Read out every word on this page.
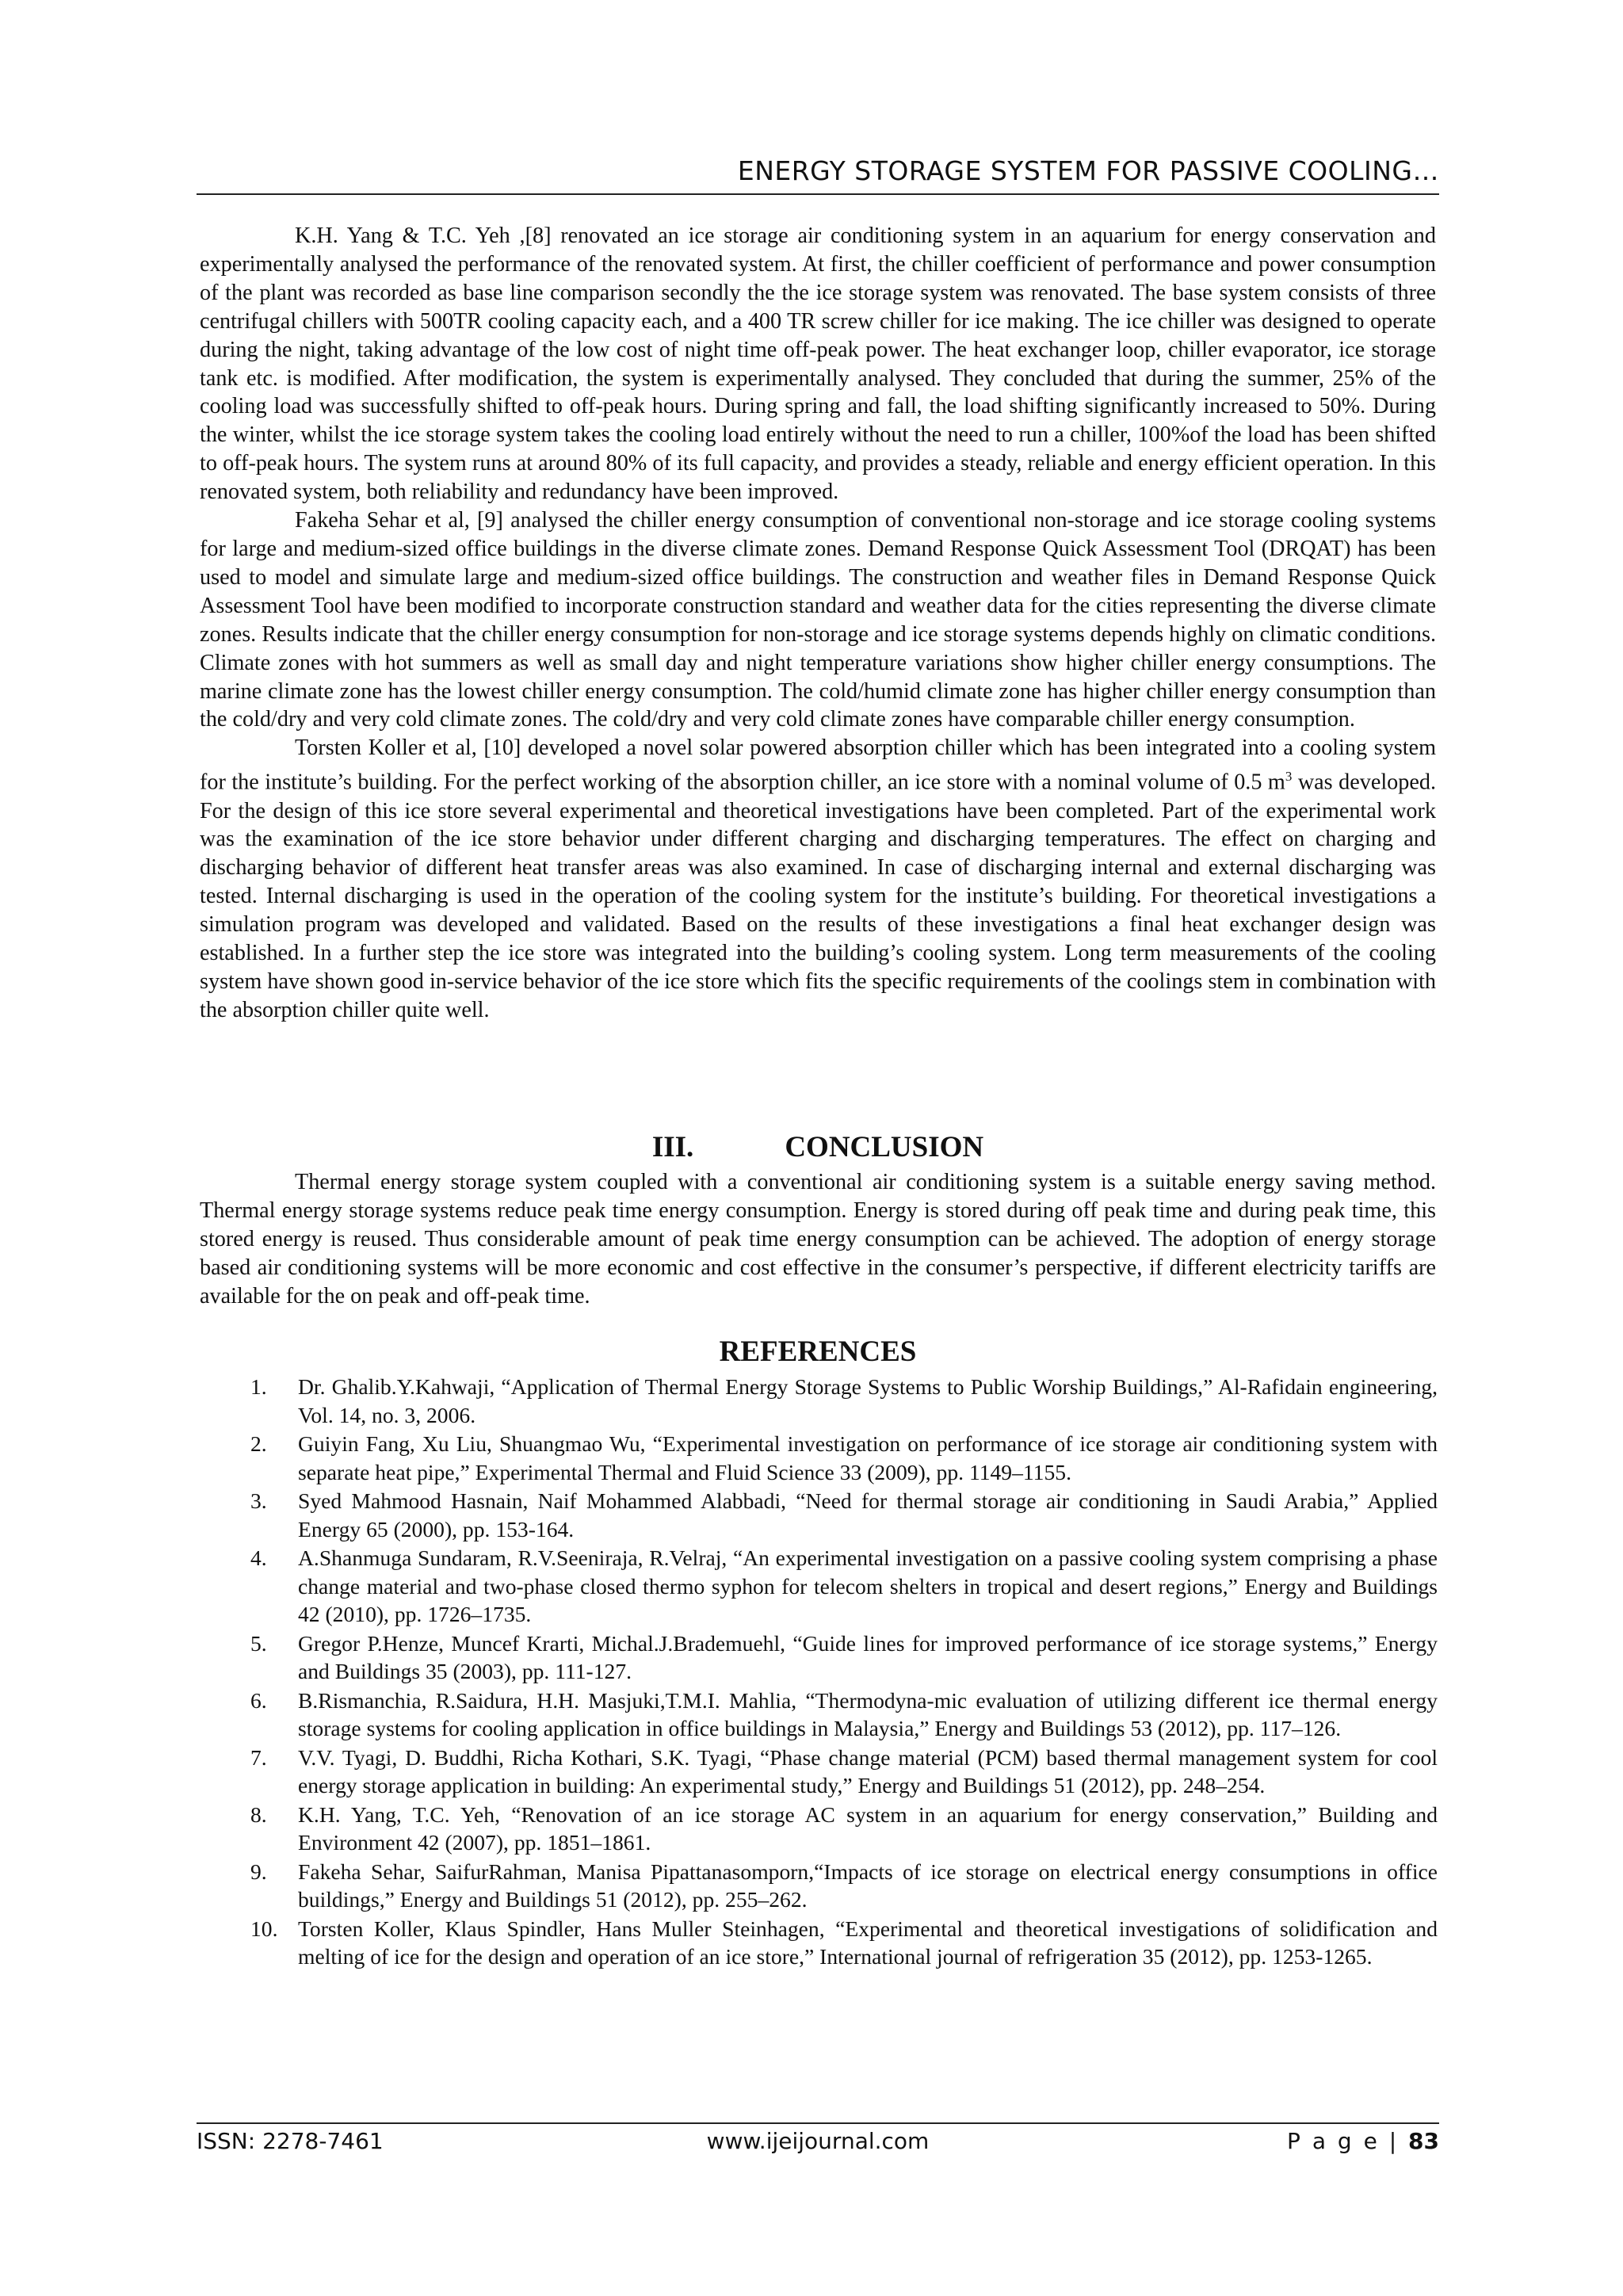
ENERGY STORAGE SYSTEM FOR PASSIVE COOLING…

K.H. Yang & T.C. Yeh ,[8] renovated an ice storage air conditioning system in an aquarium for energy conservation and experimentally analysed the performance of the renovated system. At first, the chiller coefficient of performance and power consumption of the plant was recorded as base line comparison secondly the the ice storage system was renovated. The base system consists of three centrifugal chillers with 500TR cooling capacity each, and a 400 TR screw chiller for ice making. The ice chiller was designed to operate during the night, taking advantage of the low cost of night time off-peak power. The heat exchanger loop, chiller evaporator, ice storage tank etc. is modified. After modification, the system is experimentally analysed. They concluded that during the summer, 25% of the cooling load was successfully shifted to off-peak hours. During spring and fall, the load shifting significantly increased to 50%. During the winter, whilst the ice storage system takes the cooling load entirely without the need to run a chiller, 100%of the load has been shifted to off-peak hours. The system runs at around 80% of its full capacity, and provides a steady, reliable and energy efficient operation. In this renovated system, both reliability and redundancy have been improved.

Fakeha Sehar et al, [9] analysed the chiller energy consumption of conventional non-storage and ice storage cooling systems for large and medium-sized office buildings in the diverse climate zones. Demand Response Quick Assessment Tool (DRQAT) has been used to model and simulate large and medium-sized office buildings. The construction and weather files in Demand Response Quick Assessment Tool have been modified to incorporate construction standard and weather data for the cities representing the diverse climate zones. Results indicate that the chiller energy consumption for non-storage and ice storage systems depends highly on climatic conditions. Climate zones with hot summers as well as small day and night temperature variations show higher chiller energy consumptions. The marine climate zone has the lowest chiller energy consumption. The cold/humid climate zone has higher chiller energy consumption than the cold/dry and very cold climate zones. The cold/dry and very cold climate zones have comparable chiller energy consumption.

Torsten Koller et al, [10] developed a novel solar powered absorption chiller which has been integrated into a cooling system for the institute’s building. For the perfect working of the absorption chiller, an ice store with a nominal volume of 0.5 $m^3$ was developed. For the design of this ice store several experimental and theoretical investigations have been completed. Part of the experimental work was the examination of the ice store behavior under different charging and discharging temperatures. The effect on charging and discharging behavior of different heat transfer areas was also examined. In case of discharging internal and external discharging was tested. Internal discharging is used in the operation of the cooling system for the institute’s building. For theoretical investigations a simulation program was developed and validated. Based on the results of these investigations a final heat exchanger design was established. In a further step the ice store was integrated into the building’s cooling system. Long term measurements of the cooling system have shown good in-service behavior of the ice store which fits the specific requirements of the coolings stem in combination with the absorption chiller quite well.

III.	CONCLUSION

Thermal energy storage system coupled with a conventional air conditioning system is a suitable energy saving method. Thermal energy storage systems reduce peak time energy consumption. Energy is stored during off peak time and during peak time, this stored energy is reused. Thus considerable amount of peak time energy consumption can be achieved. The adoption of energy storage based air conditioning systems will be more economic and cost effective in the consumer’s perspective, if different electricity tariffs are available for the on peak and off-peak time.

REFERENCES
1.	Dr. Ghalib.Y.Kahwaji, “Application of Thermal Energy Storage Systems to Public Worship Buildings,” Al-Rafidain engineering, Vol. 14, no. 3, 2006.
2.	Guiyin Fang, Xu Liu, Shuangmao Wu, “Experimental investigation on performance of ice storage air conditioning system with separate heat pipe,” Experimental Thermal and Fluid Science 33 (2009), pp. 1149–1155.
3.	Syed Mahmood Hasnain, Naif Mohammed Alabbadi, “Need for thermal storage air conditioning in Saudi Arabia,” Applied Energy 65 (2000), pp. 153-164.
4.	A.Shanmuga Sundaram, R.V.Seeniraja, R.Velraj, “An experimental investigation on a passive cooling system comprising a phase change material and two-phase closed thermo syphon for telecom shelters in tropical and desert regions,” Energy and Buildings 42 (2010), pp. 1726–1735.
5.	Gregor P.Henze, Muncef Krarti, Michal.J.Brademuehl, “Guide lines for improved performance of ice storage systems,” Energy and Buildings 35 (2003), pp. 111-127.
6.	B.Rismanchia, R.Saidura, H.H. Masjuki,T.M.I. Mahlia, “Thermodyna-mic evaluation of utilizing different ice thermal energy storage systems for cooling application in office buildings in Malaysia,” Energy and Buildings 53 (2012), pp. 117–126.
7.	V.V. Tyagi, D. Buddhi, Richa Kothari, S.K. Tyagi, “Phase change material (PCM) based thermal management system for cool energy storage application in building: An experimental study,” Energy and Buildings 51 (2012), pp. 248–254.
8.	K.H. Yang, T.C. Yeh, “Renovation of an ice storage AC system in an aquarium for energy conservation,” Building and Environment 42 (2007), pp. 1851–1861.
9.	Fakeha Sehar, SaifurRahman, Manisa Pipattanasomporn,“Impacts of ice storage on electrical energy consumptions in office buildings,” Energy and Buildings 51 (2012), pp. 255–262.
10. Torsten Koller, Klaus Spindler, Hans Muller Steinhagen, “Experimental and theoretical investigations of solidification and melting of ice for the design and operation of an ice store,” International journal of refrigeration 35 (2012), pp. 1253-1265.
ISSN: 2278-7461	www.ijeijournal.com	P a g e | 83
